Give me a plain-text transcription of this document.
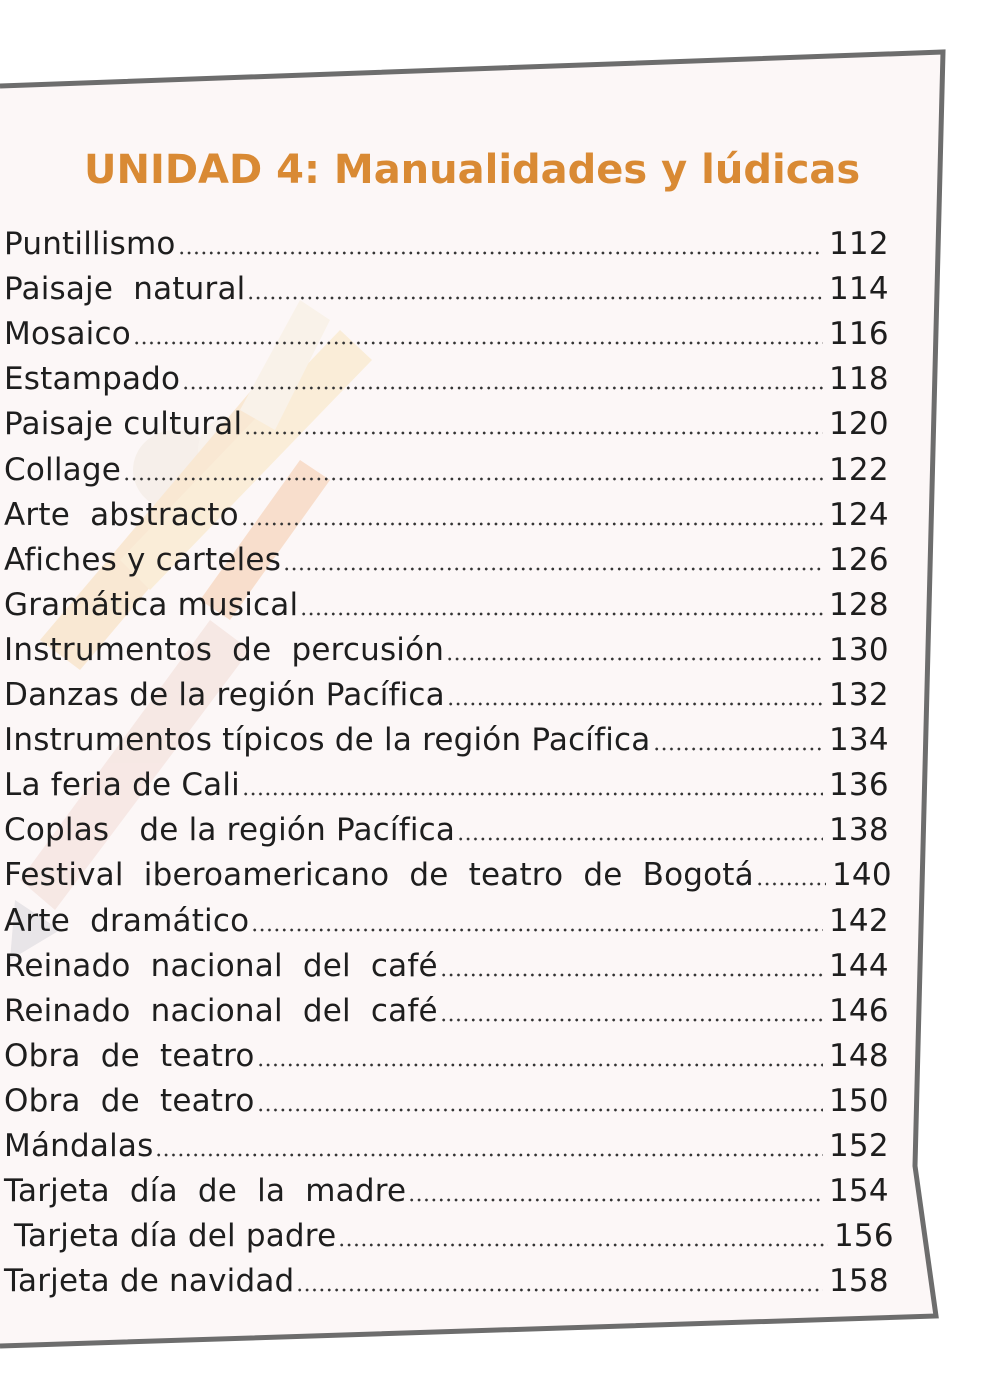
UNIDAD 4: Manualidades y lúdicas
Puntillismo	112
Paisaje  natural	114
Mosaico	116
Estampado	118
Paisaje cultural	120
Collage	122
Arte  abstracto	124
Afiches y carteles	126
Gramática musical	128
Instrumentos  de  percusión	130
Danzas de la región Pacífica	132
Instrumentos típicos de la región Pacífica	134
La feria de Cali	136
Coplas   de la región Pacífica	138
Festival  iberoamericano  de  teatro  de  Bogotá	140
Arte  dramático	142
Reinado  nacional  del  café	144
Reinado  nacional  del  café	146
Obra  de  teatro	148
Obra  de  teatro	150
Mándalas	152
Tarjeta  día  de  la  madre	154
Tarjeta día del padre	156
Tarjeta de navidad	158
